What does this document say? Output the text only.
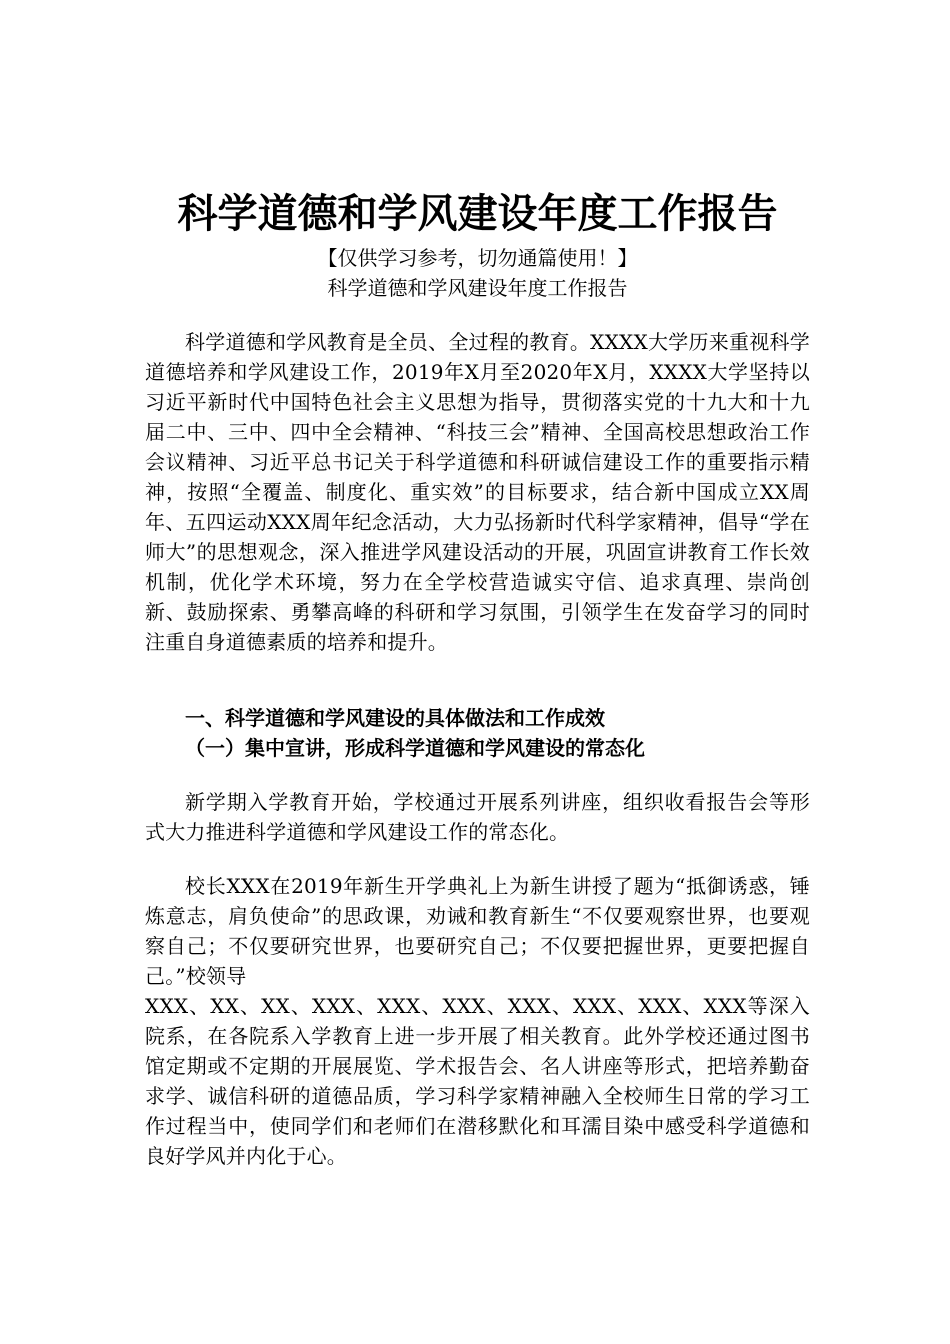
科学道德和学风建设年度工作报告

【仅供学习参考，切勿通篇使用！】

科学道德和学风建设年度工作报告

科学道德和学风教育是全员、全过程的教育。XXXX大学历来重视科学道德培养和学风建设工作，2019年X月至2020年X月，XXXX大学坚持以习近平新时代中国特色社会主义思想为指导，贯彻落实党的十九大和十九届二中、三中、四中全会精神、“科技三会”精神、全国高校思想政治工作会议精神、习近平总书记关于科学道德和科研诚信建设工作的重要指示精神，按照“全覆盖、制度化、重实效”的目标要求，结合新中国成立XX周年、五四运动XXX周年纪念活动，大力弘扬新时代科学家精神，倡导“学在师大”的思想观念，深入推进学风建设活动的开展，巩固宣讲教育工作长效机制，优化学术环境，努力在全学校营造诚实守信、追求真理、崇尚创新、鼓励探索、勇攀高峰的科研和学习氛围，引领学生在发奋学习的同时注重自身道德素质的培养和提升。

一、科学道德和学风建设的具体做法和工作成效

（一）集中宣讲，形成科学道德和学风建设的常态化

新学期入学教育开始，学校通过开展系列讲座，组织收看报告会等形式大力推进科学道德和学风建设工作的常态化。

校长XXX在2019年新生开学典礼上为新生讲授了题为“抵御诱惑，锤炼意志，肩负使命”的思政课，劝诫和教育新生“不仅要观察世界，也要观察自己；不仅要研究世界，也要研究自己；不仅要把握世界，更要把握自己。”校领导

XXX、XX、XX、XXX、XXX、XXX、XXX、XXX、XXX、XXX等深入院系，在各院系入学教育上进一步开展了相关教育。此外学校还通过图书馆定期或不定期的开展展览、学术报告会、名人讲座等形式，把培养勤奋求学、诚信科研的道德品质，学习科学家精神融入全校师生日常的学习工作过程当中，使同学们和老师们在潜移默化和耳濡目染中感受科学道德和良好学风并内化于心。
